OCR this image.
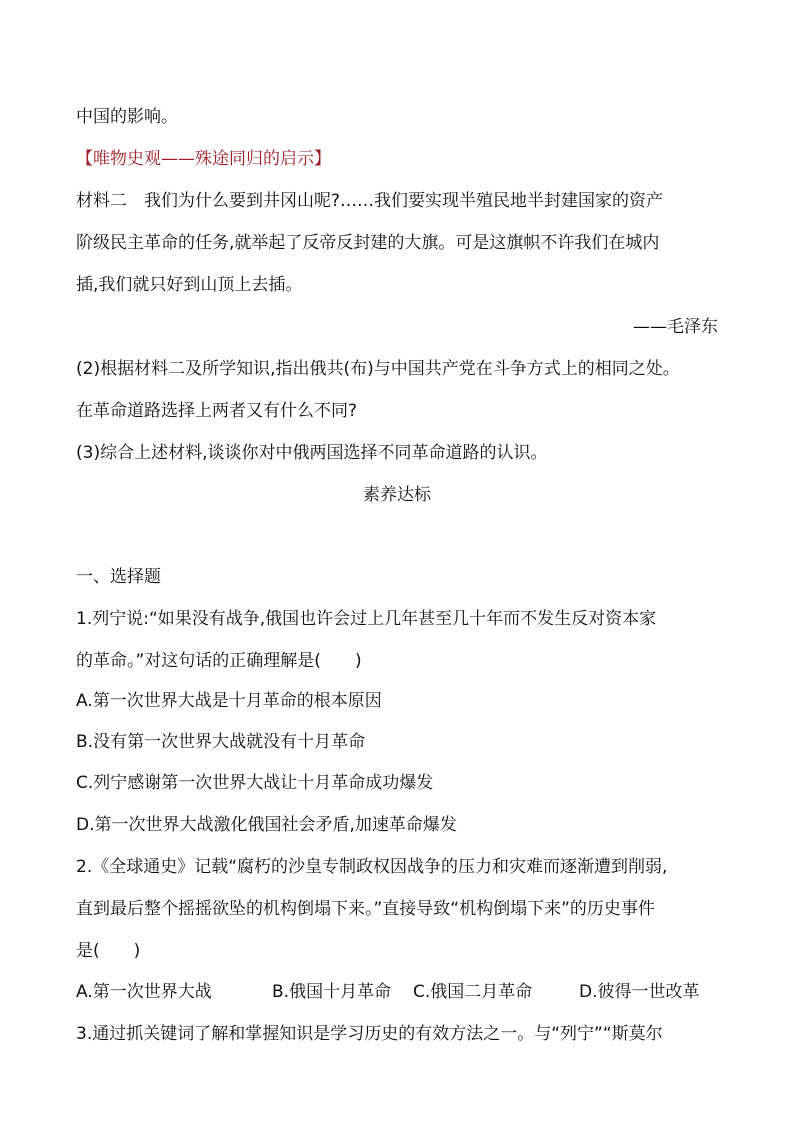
中国的影响。
【唯物史观——殊途同归的启示】
材料二　我们为什么要到井冈山呢?……我们要实现半殖民地半封建国家的资产
阶级民主革命的任务,就举起了反帝反封建的大旗。可是这旗帜不许我们在城内
插,我们就只好到山顶上去插。
——毛泽东
(2)根据材料二及所学知识,指出俄共(布)与中国共产党在斗争方式上的相同之处。
在革命道路选择上两者又有什么不同?
(3)综合上述材料,谈谈你对中俄两国选择不同革命道路的认识。
素养达标
一、选择题
1.列宁说:“如果没有战争,俄国也许会过上几年甚至几十年而不发生反对资本家
的革命。”对这句话的正确理解是(　　)
A.第一次世界大战是十月革命的根本原因
B.没有第一次世界大战就没有十月革命
C.列宁感谢第一次世界大战让十月革命成功爆发
D.第一次世界大战激化俄国社会矛盾,加速革命爆发
2.《全球通史》记载“腐朽的沙皇专制政权因战争的压力和灾难而逐渐遭到削弱,
直到最后整个摇摇欲坠的机构倒塌下来。”直接导致“机构倒塌下来”的历史事件
是(　　)
A.第一次世界大战	B.俄国十月革命	C.俄国二月革命	D.彼得一世改革
3.通过抓关键词了解和掌握知识是学习历史的有效方法之一。与“列宁”“斯莫尔
